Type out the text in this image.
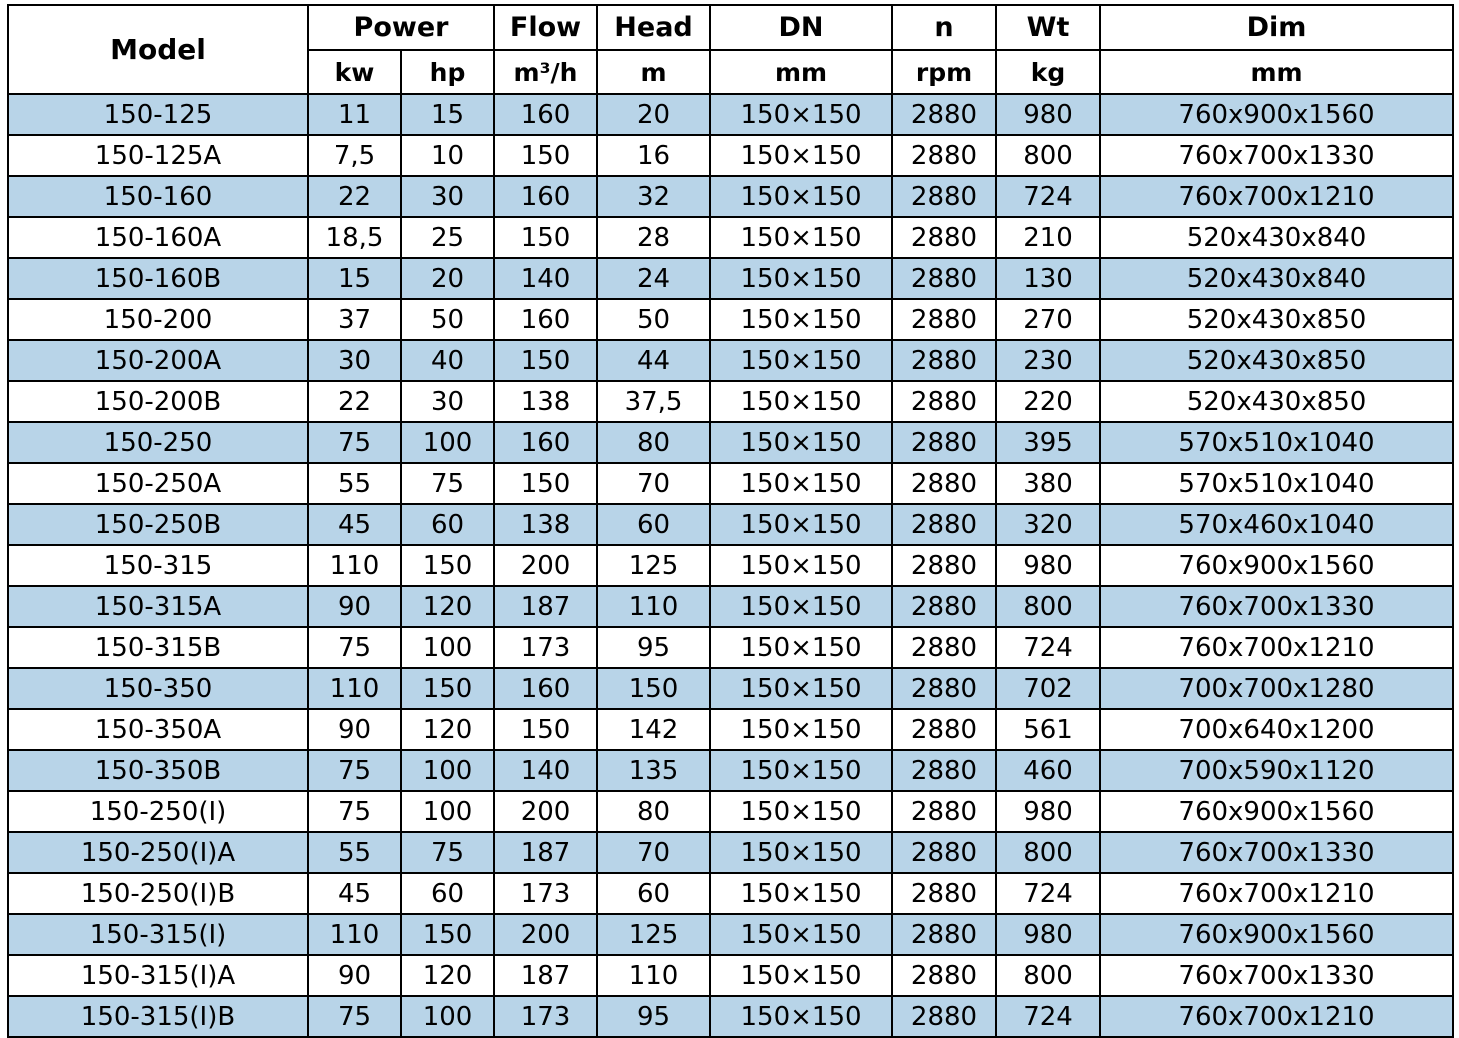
Model	Power		Flow	Head	DN	n	Wt	Dim
	kw	hp	m³/h	m	mm	rpm	kg	mm
150-125	11	15	160	20	150×150	2880	980	760x900x1560
150-125A	7,5	10	150	16	150×150	2880	800	760x700x1330
150-160	22	30	160	32	150×150	2880	724	760x700x1210
150-160A	18,5	25	150	28	150×150	2880	210	520x430x840
150-160B	15	20	140	24	150×150	2880	130	520x430x840
150-200	37	50	160	50	150×150	2880	270	520x430x850
150-200A	30	40	150	44	150×150	2880	230	520x430x850
150-200B	22	30	138	37,5	150×150	2880	220	520x430x850
150-250	75	100	160	80	150×150	2880	395	570x510x1040
150-250A	55	75	150	70	150×150	2880	380	570x510x1040
150-250B	45	60	138	60	150×150	2880	320	570x460x1040
150-315	110	150	200	125	150×150	2880	980	760x900x1560
150-315A	90	120	187	110	150×150	2880	800	760x700x1330
150-315B	75	100	173	95	150×150	2880	724	760x700x1210
150-350	110	150	160	150	150×150	2880	702	700x700x1280
150-350A	90	120	150	142	150×150	2880	561	700x640x1200
150-350B	75	100	140	135	150×150	2880	460	700x590x1120
150-250(I)	75	100	200	80	150×150	2880	980	760x900x1560
150-250(I)A	55	75	187	70	150×150	2880	800	760x700x1330
150-250(I)B	45	60	173	60	150×150	2880	724	760x700x1210
150-315(I)	110	150	200	125	150×150	2880	980	760x900x1560
150-315(I)A	90	120	187	110	150×150	2880	800	760x700x1330
150-315(I)B	75	100	173	95	150×150	2880	724	760x700x1210
